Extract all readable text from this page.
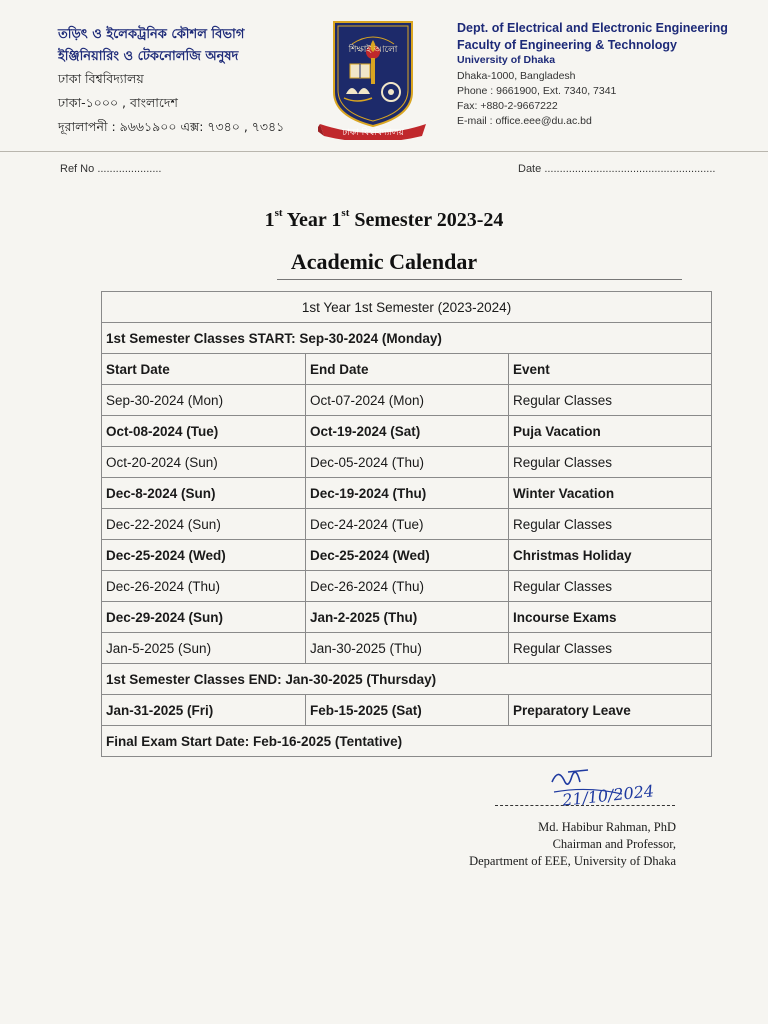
তড়িৎ ও ইলেকট্রনিক কৌশল বিভাগ
ইঞ্জিনিয়ারিং ও টেকনোলজি অনুষদ
ঢাকা বিশ্ববিদ্যালয়
ঢাকা-১০০০ , বাংলাদেশ
দূরালাপনী : ৯৬৬১৯০০ এক্স: ৭৩৪০ , ৭৩৪১
শিক্ষাই আলো
ঢাকা বিশ্ববিদ্যালয়
Dept. of Electrical and Electronic Engineering
Faculty of Engineering & Technology
University of Dhaka
Dhaka-1000, Bangladesh
Phone : 9661900, Ext. 7340, 7341
Fax: +880-2-9667222
E-mail : office.eee@du.ac.bd
Ref No .....................	Date ........................................................
1st Year 1st Semester 2023-24
Academic Calendar
1st Year 1st Semester (2023-2024)		
1st Semester Classes START: Sep-30-2024 (Monday)		
Start Date	End Date	Event
Sep-30-2024 (Mon)	Oct-07-2024 (Mon)	Regular Classes
Oct-08-2024 (Tue)	Oct-19-2024 (Sat)	Puja Vacation
Oct-20-2024 (Sun)	Dec-05-2024 (Thu)	Regular Classes
Dec-8-2024 (Sun)	Dec-19-2024 (Thu)	Winter Vacation
Dec-22-2024 (Sun)	Dec-24-2024 (Tue)	Regular Classes
Dec-25-2024 (Wed)	Dec-25-2024 (Wed)	Christmas Holiday
Dec-26-2024 (Thu)	Dec-26-2024 (Thu)	Regular Classes
Dec-29-2024 (Sun)	Jan-2-2025 (Thu)	Incourse Exams
Jan-5-2025 (Sun)	Jan-30-2025 (Thu)	Regular Classes
1st Semester Classes END: Jan-30-2025 (Thursday)		
Jan-31-2025 (Fri)	Feb-15-2025 (Sat)	Preparatory Leave
Final Exam Start Date: Feb-16-2025 (Tentative)		
21/10/2024
Md. Habibur Rahman, PhD
Chairman and Professor,
Department of EEE, University of Dhaka
